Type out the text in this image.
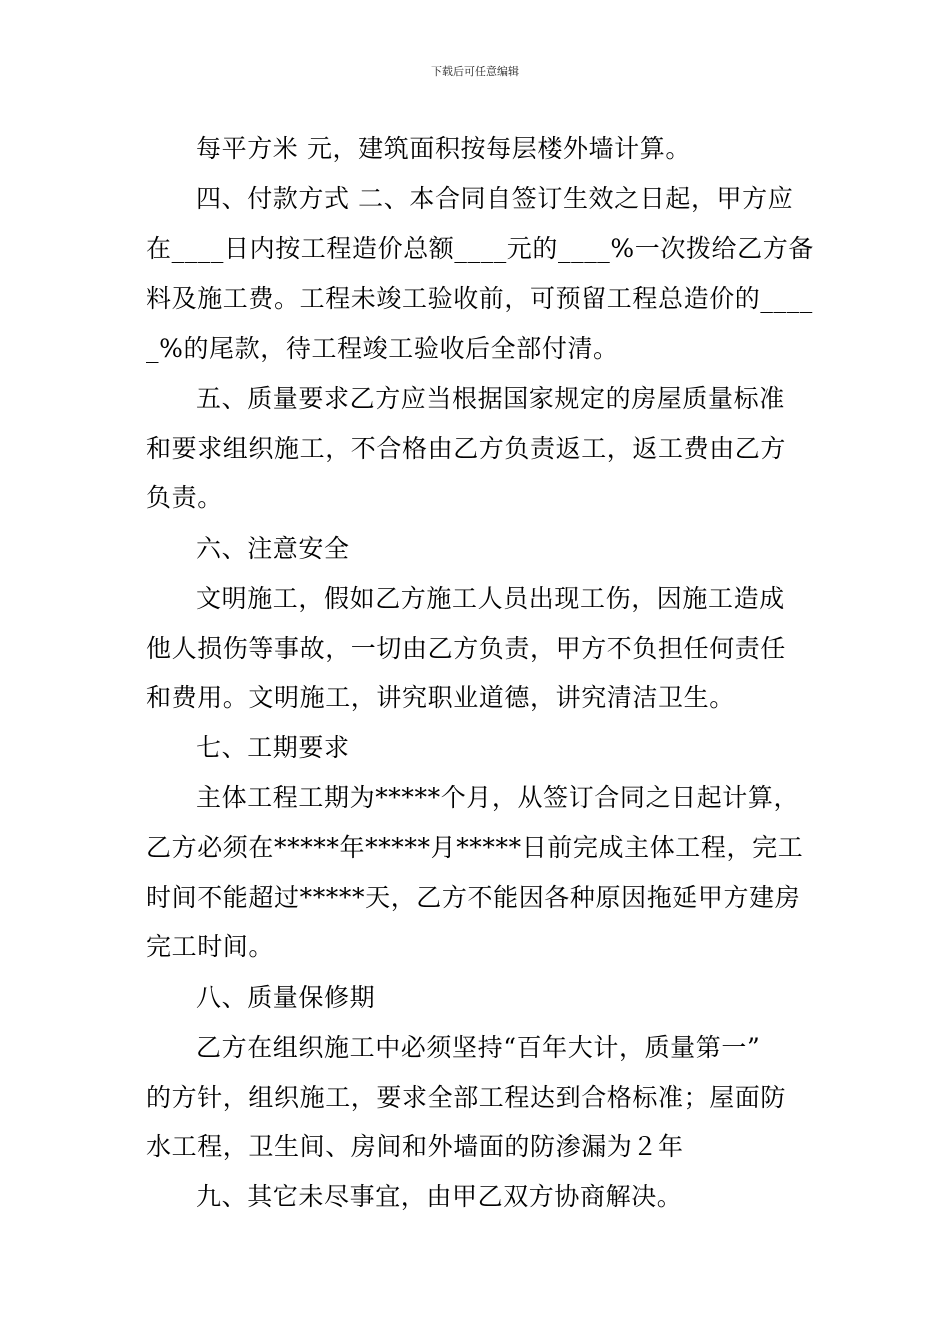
下载后可任意编辑
每平方米 元，建筑面积按每层楼外墙计算。
四、付款方式 二、本合同自签订生效之日起，甲方应
在____日内按工程造价总额____元的____%一次拨给乙方备
料及施工费。工程未竣工验收前，可预留工程总造价的____
_%的尾款，待工程竣工验收后全部付清。
五、质量要求乙方应当根据国家规定的房屋质量标准
和要求组织施工，不合格由乙方负责返工，返工费由乙方
负责。
六、注意安全
文明施工，假如乙方施工人员出现工伤，因施工造成
他人损伤等事故，一切由乙方负责，甲方不负担任何责任
和费用。文明施工，讲究职业道德，讲究清洁卫生。
七、工期要求
主体工程工期为*****个月，从签订合同之日起计算，
乙方必须在*****年*****月*****日前完成主体工程，完工
时间不能超过*****天，乙方不能因各种原因拖延甲方建房
完工时间。
八、质量保修期
乙方在组织施工中必须坚持“百年大计，质量第一”
的方针，组织施工，要求全部工程达到合格标准；屋面防
水工程，卫生间、房间和外墙面的防渗漏为２年
九、其它未尽事宜，由甲乙双方协商解决。
